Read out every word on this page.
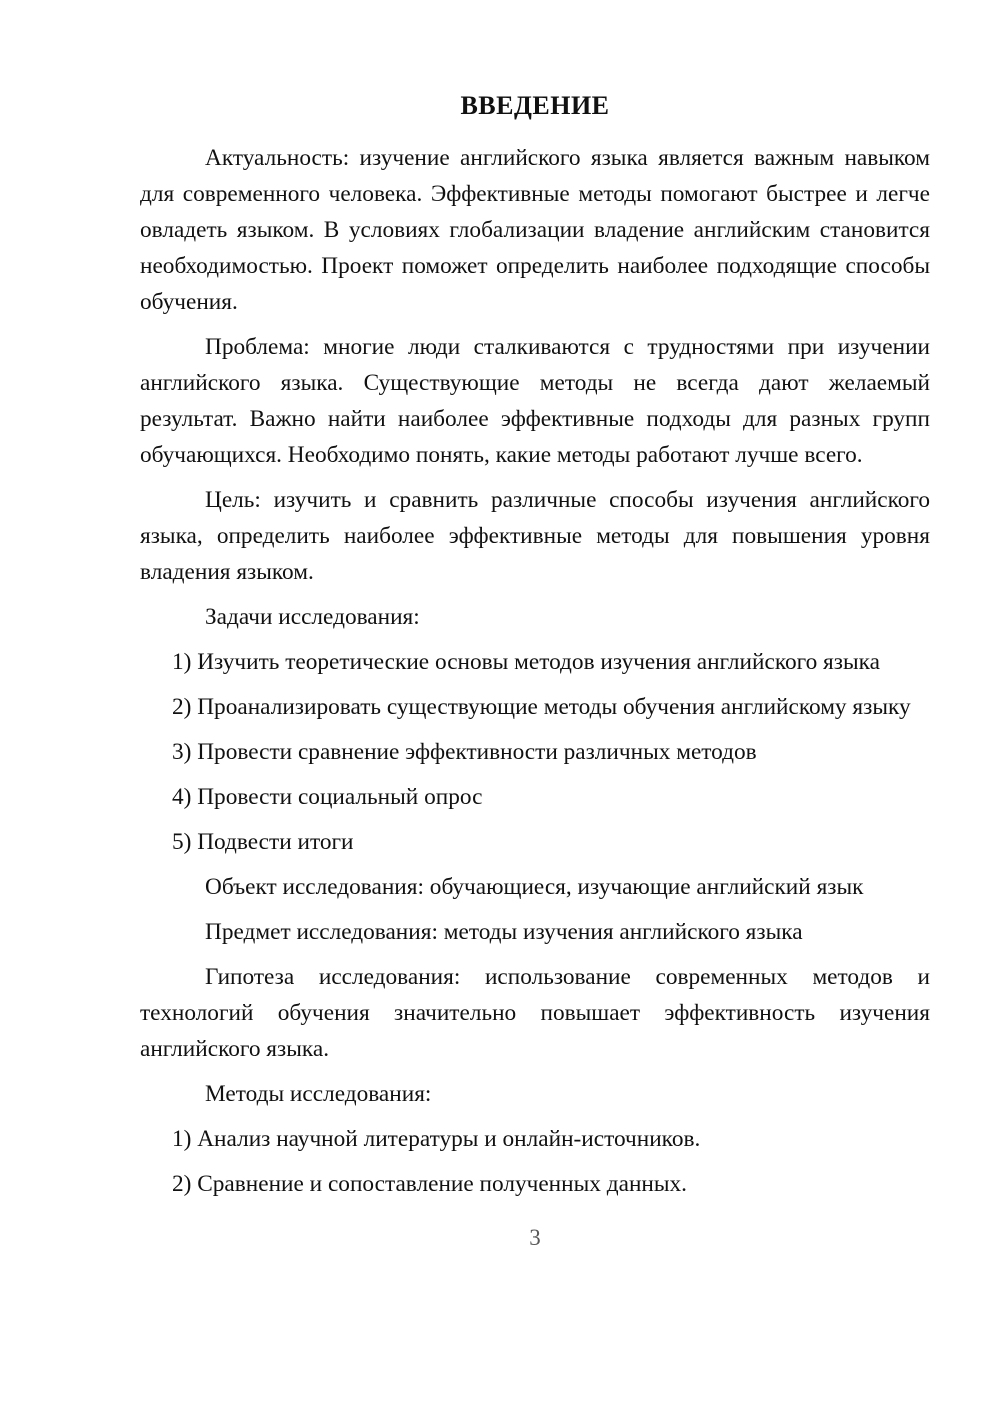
ВВЕДЕНИЕ

Актуальность: изучение английского языка является важным навыком для современного человека. Эффективные методы помогают быстрее и легче овладеть языком. В условиях глобализации владение английским становится необходимостью. Проект поможет определить наиболее подходящие способы обучения.

Проблема: многие люди сталкиваются с трудностями при изучении английского языка. Существующие методы не всегда дают желаемый результат. Важно найти наиболее эффективные подходы для разных групп обучающихся. Необходимо понять, какие методы работают лучше всего.

Цель: изучить и сравнить различные способы изучения английского языка, определить наиболее эффективные методы для повышения уровня владения языком.

Задачи исследования:

1) Изучить теоретические основы методов изучения английского языка

2) Проанализировать существующие методы обучения английскому языку

3) Провести сравнение эффективности различных методов

4) Провести социальный опрос

5) Подвести итоги

Объект исследования: обучающиеся, изучающие английский язык

Предмет исследования: методы изучения английского языка

Гипотеза исследования: использование современных методов и технологий обучения значительно повышает эффективность изучения английского языка.

Методы исследования:

1) Анализ научной литературы и онлайн-источников.

2) Сравнение и сопоставление полученных данных.

3
